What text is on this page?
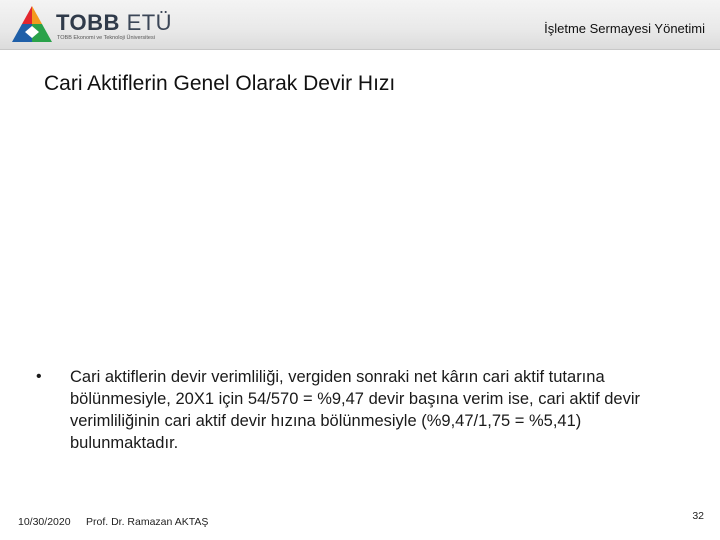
TOBB ETÜ
TOBB Ekonomi ve Teknoloji Üniversitesi
İşletme Sermayesi Yönetimi
Cari Aktiflerin Genel Olarak Devir Hızı
• Cari aktiflerin devir verimliliği, vergiden sonraki net kârın cari aktif tutarına bölünmesiyle, 20X1 için 54/570 = %9,47 devir başına verim ise, cari aktif devir verimliliğinin cari aktif devir hızına bölünmesiyle (%9,47/1,75 = %5,41) bulunmaktadır.
10/30/2020 Prof. Dr. Ramazan AKTAŞ	32
